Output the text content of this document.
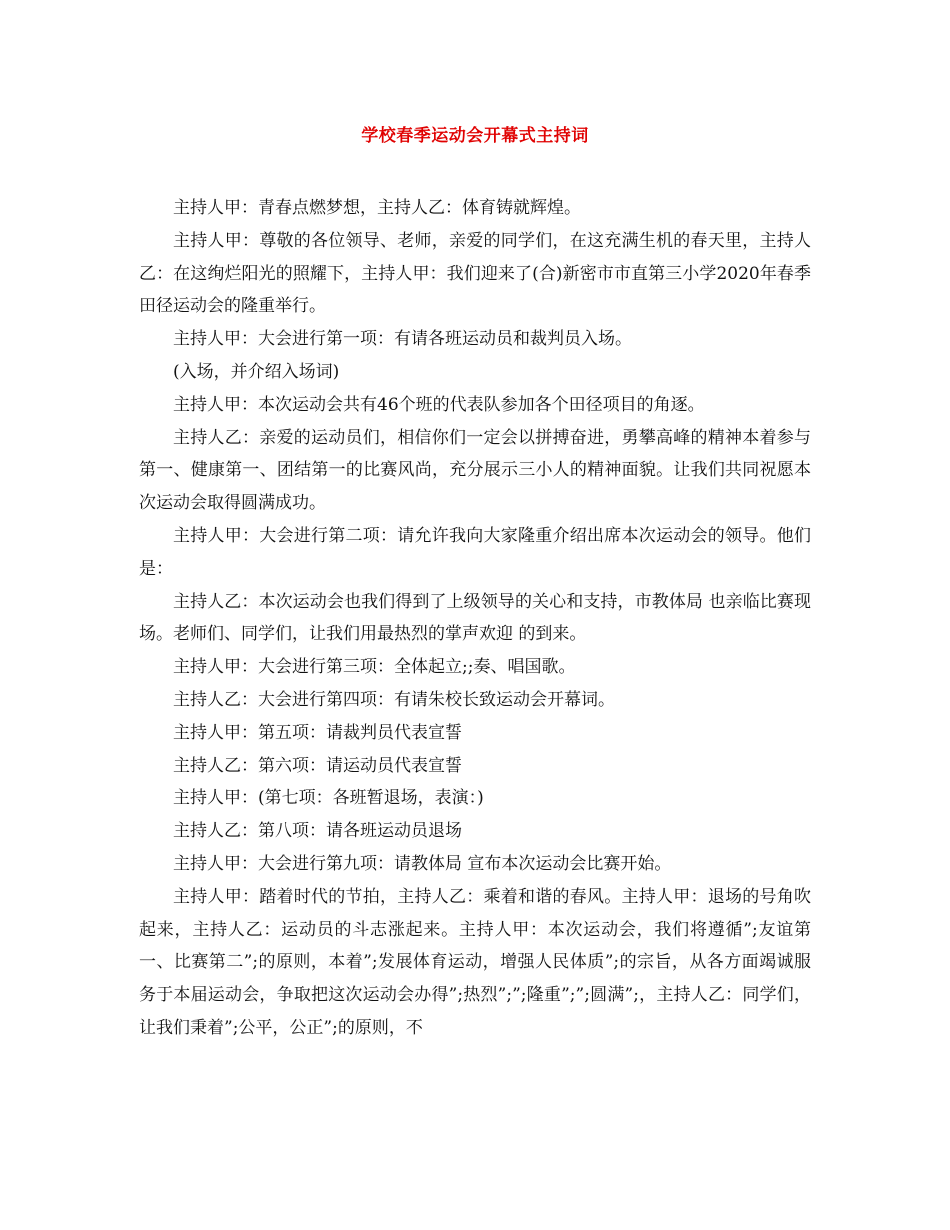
学校春季运动会开幕式主持词

主持人甲：青春点燃梦想，主持人乙：体育铸就辉煌。

主持人甲：尊敬的各位领导、老师，亲爱的同学们，在这充满生机的春天里，主持人乙：在这绚烂阳光的照耀下，主持人甲：我们迎来了(合)新密市市直第三小学2020年春季田径运动会的隆重举行。

主持人甲：大会进行第一项：有请各班运动员和裁判员入场。

(入场，并介绍入场词)

主持人甲：本次运动会共有46个班的代表队参加各个田径项目的角逐。

主持人乙：亲爱的运动员们，相信你们一定会以拼搏奋进，勇攀高峰的精神本着参与第一、健康第一、团结第一的比赛风尚，充分展示三小人的精神面貌。让我们共同祝愿本次运动会取得圆满成功。

主持人甲：大会进行第二项：请允许我向大家隆重介绍出席本次运动会的领导。他们是：

主持人乙：本次运动会也我们得到了上级领导的关心和支持，市教体局 也亲临比赛现场。老师们、同学们，让我们用最热烈的掌声欢迎 的到来。

主持人甲：大会进行第三项：全体起立;;奏、唱国歌。

主持人乙：大会进行第四项：有请朱校长致运动会开幕词。

主持人甲：第五项：请裁判员代表宣誓

主持人乙：第六项：请运动员代表宣誓

主持人甲：(第七项：各班暂退场，表演：)

主持人乙：第八项：请各班运动员退场

主持人甲：大会进行第九项：请教体局 宣布本次运动会比赛开始。

主持人甲：踏着时代的节拍，主持人乙：乘着和谐的春风。主持人甲：退场的号角吹起来，主持人乙：运动员的斗志涨起来。主持人甲：本次运动会，我们将遵循”;友谊第一、比赛第二”;的原则，本着”;发展体育运动，增强人民体质”;的宗旨，从各方面竭诚服务于本届运动会，争取把这次运动会办得”;热烈”;”;隆重”;”;圆满”;，主持人乙：同学们，让我们秉着”;公平，公正”;的原则，不
